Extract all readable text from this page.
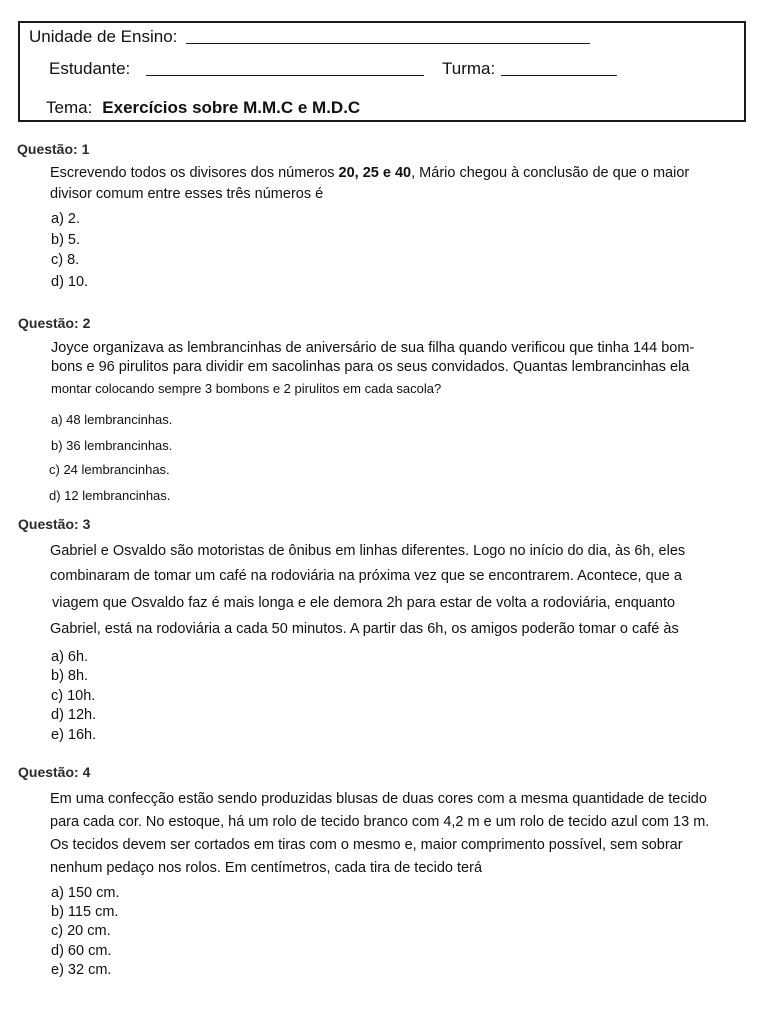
Unidade de Ensino:
Estudante:	Turma:
Tema: Exercícios sobre M.M.C e M.D.C
Questão: 1
Escrevendo todos os divisores dos números 20, 25 e 40, Mário chegou à conclusão de que o maior
divisor comum entre esses três números é
a) 2.
b) 5.
c) 8.
d) 10.
Questão: 2
Joyce organizava as lembrancinhas de aniversário de sua filha quando verificou que tinha 144 bom-
bons e 96 pirulitos para dividir em sacolinhas para os seus convidados. Quantas lembrancinhas ela
montar colocando sempre 3 bombons e 2 pirulitos em cada sacola?
a) 48 lembrancinhas.
b) 36 lembrancinhas.
c) 24 lembrancinhas.
d) 12 lembrancinhas.
Questão: 3
Gabriel e Osvaldo são motoristas de ônibus em linhas diferentes. Logo no início do dia, às 6h, eles
combinaram de tomar um café na rodoviária na próxima vez que se encontrarem. Acontece, que a
viagem que Osvaldo faz é mais longa e ele demora 2h para estar de volta a rodoviária, enquanto
Gabriel, está na rodoviária a cada 50 minutos. A partir das 6h, os amigos poderão tomar o café às
a) 6h.
b) 8h.
c) 10h.
d) 12h.
e) 16h.
Questão: 4
Em uma confecção estão sendo produzidas blusas de duas cores com a mesma quantidade de tecido
para cada cor. No estoque, há um rolo de tecido branco com 4,2 m e um rolo de tecido azul com 13 m.
Os tecidos devem ser cortados em tiras com o mesmo e, maior comprimento possível, sem sobrar
nenhum pedaço nos rolos. Em centímetros, cada tira de tecido terá
a) 150 cm.
b) 115 cm.
c) 20 cm.
d) 60 cm.
e) 32 cm.
